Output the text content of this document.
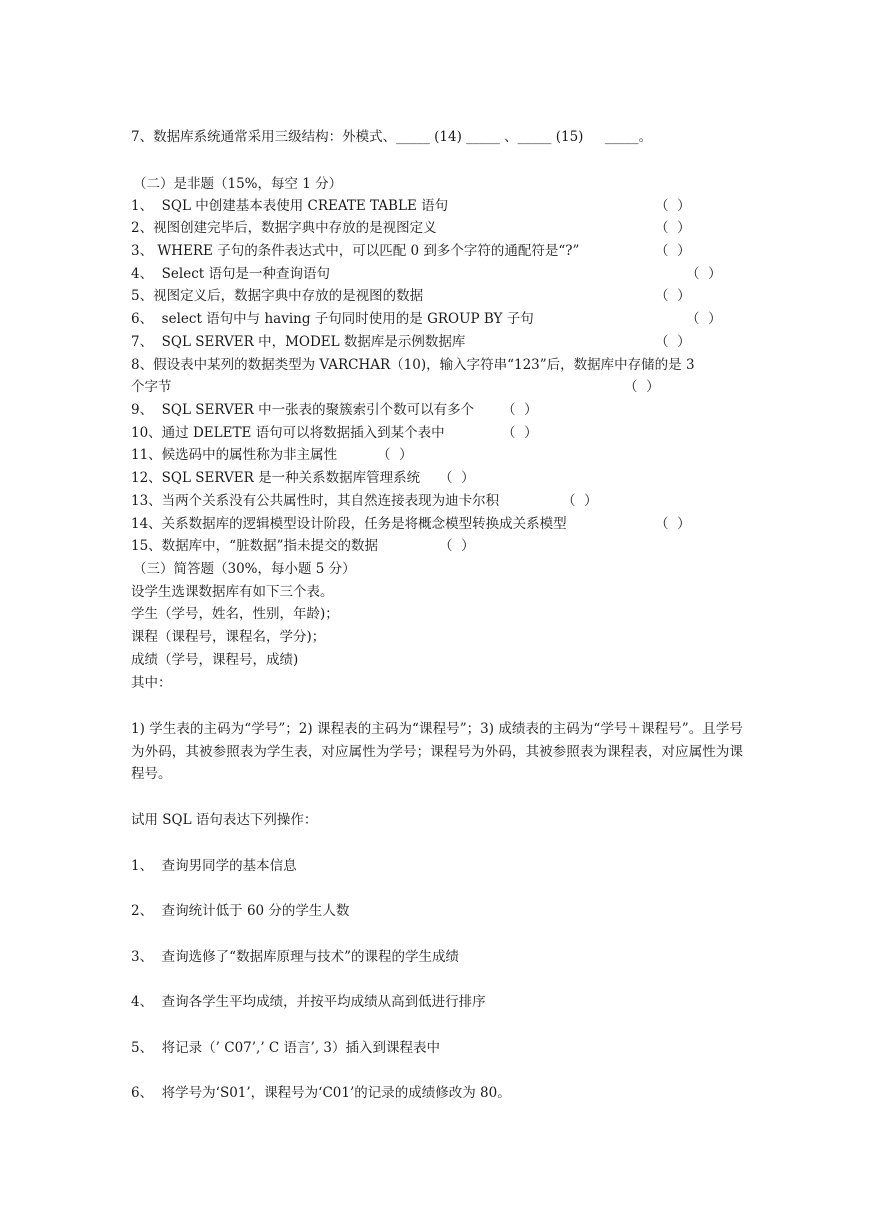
7、数据库系统通常采用三级结构：外模式、_____ (14) _____ 、_____ (15)     _____。
（二）是非题（15%，每空 1 分）
1、  SQL 中创建基本表使用 CREATE TABLE 语句	（  ）
2、视图创建完毕后，数据字典中存放的是视图定义	（  ）
3、 WHERE 子句的条件表达式中，可以匹配 0 到多个字符的通配符是“?”	（  ）
4、  Select 语句是一种查询语句	（  ）
5、视图定义后，数据字典中存放的是视图的数据	（  ）
6、  select 语句中与 having 子句同时使用的是 GROUP BY 子句	（  ）
7、  SQL SERVER 中，MODEL 数据库是示例数据库	（  ）
8、假设表中某列的数据类型为 VARCHAR（10)，输入字符串“123”后，数据库中存储的是 3
个字节	（  ）
9、  SQL SERVER 中一张表的聚簇索引个数可以有多个 （  ）
10、通过 DELETE 语句可以将数据插入到某个表中	（  ）
11、候选码中的属性称为非主属性	（  ）
12、SQL SERVER 是一种关系数据库管理系统 （  ）
13、当两个关系没有公共属性时，其自然连接表现为迪卡尔积	（  ）
14、关系数据库的逻辑模型设计阶段，任务是将概念模型转换成关系模型	（  ）
15、数据库中，“脏数据”指未提交的数据	（  ）
（三）简答题（30%，每小题 5 分）
设学生选课数据库有如下三个表。
学生（学号，姓名，性别，年龄)；
课程（课程号，课程名，学分)；
成绩（学号，课程号，成绩)
其中：
1) 学生表的主码为“学号”；2) 课程表的主码为“课程号”；3) 成绩表的主码为“学号＋课程号”。且学号为外码，其被参照表为学生表，对应属性为学号；课程号为外码，其被参照表为课程表，对应属性为课程号。
试用 SQL 语句表达下列操作：
1、  查询男同学的基本信息
2、  查询统计低于 60 分的学生人数
3、  查询选修了“数据库原理与技术”的课程的学生成绩
4、  查询各学生平均成绩，并按平均成绩从高到低进行排序
5、  将记录（’ C07’,’ C 语言’, 3）插入到课程表中
6、  将学号为‘S01’，课程号为‘C01’的记录的成绩修改为 80。
